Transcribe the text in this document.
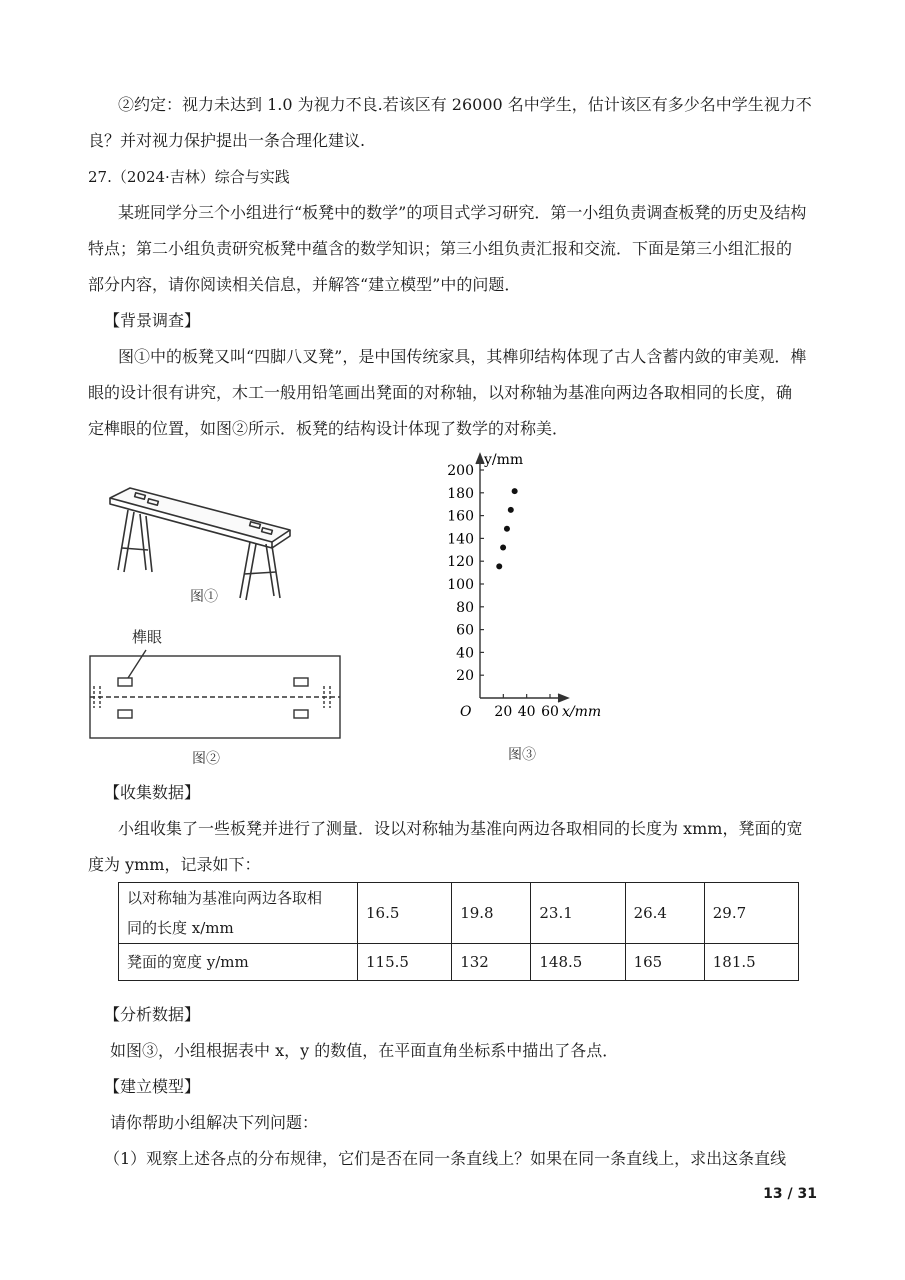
②约定：视力未达到 1.0 为视力不良.若该区有 26000 名中学生，估计该区有多少名中学生视力不
良？并对视力保护提出一条合理化建议.
27.（2024·吉林）综合与实践
某班同学分三个小组进行“板凳中的数学”的项目式学习研究．第一小组负责调查板凳的历史及结构
特点；第二小组负责研究板凳中蕴含的数学知识；第三小组负责汇报和交流．下面是第三小组汇报的
部分内容，请你阅读相关信息，并解答“建立模型”中的问题．
【背景调查】
图①中的板凳又叫“四脚八叉凳”，是中国传统家具，其榫卯结构体现了古人含蓄内敛的审美观．榫
眼的设计很有讲究，木工一般用铅笔画出凳面的对称轴，以对称轴为基准向两边各取相同的长度，确
定榫眼的位置，如图②所示．板凳的结构设计体现了数学的对称美．
图①
榫眼
图②
20
40
60
80
100
120
140
160
180
200
20 40 60
y/mm
x/mm
O
图③
【收集数据】
小组收集了一些板凳并进行了测量．设以对称轴为基准向两边各取相同的长度为 xmm，凳面的宽
度为 ymm，记录如下：
以对称轴为基准向两边各取相
同的长度 x/mm	16.5	19.8	23.1	26.4	29.7
凳面的宽度 y/mm	115.5	132	148.5	165	181.5
【分析数据】
如图③，小组根据表中 x，y 的数值，在平面直角坐标系中描出了各点．
【建立模型】
请你帮助小组解决下列问题：
（1）观察上述各点的分布规律，它们是否在同一条直线上？如果在同一条直线上，求出这条直线
13 / 31
